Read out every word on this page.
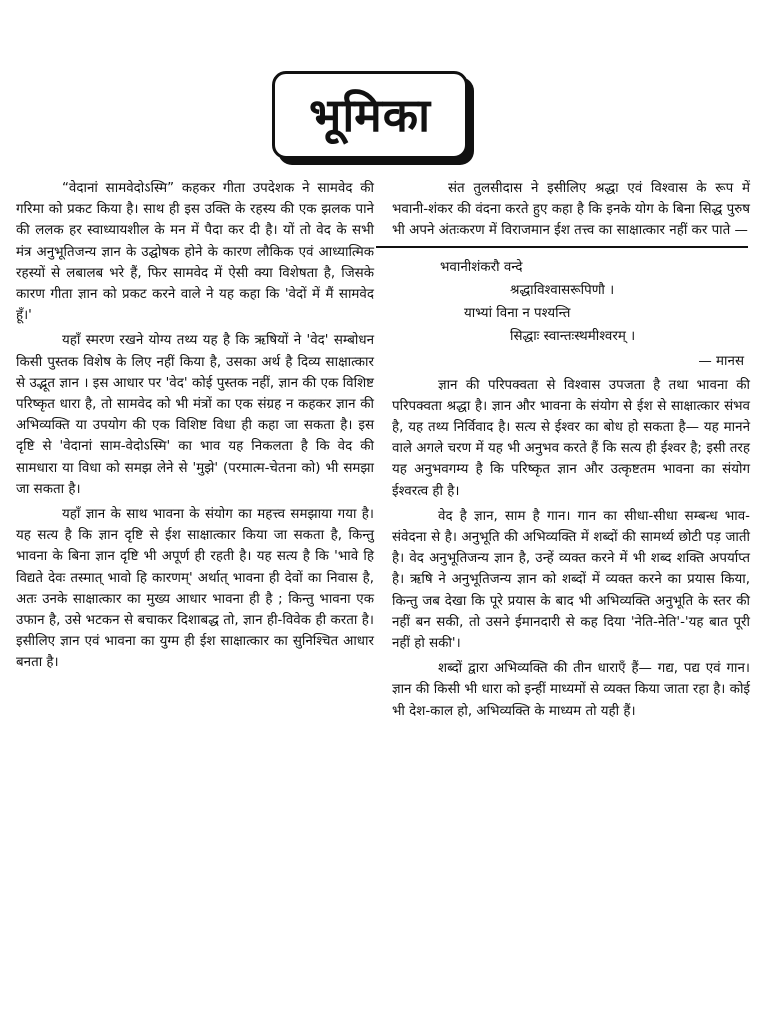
भूमिका

“वेदानां सामवेदोऽस्मि” कहकर गीता उपदेशक ने सामवेद की गरिमा को प्रकट किया है। साथ ही इस उक्ति के रहस्य की एक झलक पाने की ललक हर स्वाध्यायशील के मन में पैदा कर दी है। यों तो वेद के सभी मंत्र अनुभूतिजन्य ज्ञान के उद्घोषक होने के कारण लौकिक एवं आध्यात्मिक रहस्यों से लबालब भरे हैं, फिर सामवेद में ऐसी क्या विशेषता है, जिसके कारण गीता ज्ञान को प्रकट करने वाले ने यह कहा कि 'वेदों में मैं सामवेद हूँ।'

यहाँ स्मरण रखने योग्य तथ्य यह है कि ऋषियों ने 'वेद' सम्बोधन किसी पुस्तक विशेष के लिए नहीं किया है, उसका अर्थ है दिव्य साक्षात्कार से उद्भूत ज्ञान । इस आधार पर 'वेद' कोई पुस्तक नहीं, ज्ञान की एक विशिष्ट परिष्कृत धारा है, तो सामवेद को भी मंत्रों का एक संग्रह न कहकर ज्ञान की अभिव्यक्ति या उपयोग की एक विशिष्ट विधा ही कहा जा सकता है। इस दृष्टि से 'वेदानां साम-वेदोऽस्मि' का भाव यह निकलता है कि वेद की सामधारा या विधा को समझ लेने से 'मुझे' (परमात्म-चेतना को) भी समझा जा सकता है।

यहाँ ज्ञान के साथ भावना के संयोग का महत्त्व समझाया गया है। यह सत्य है कि ज्ञान दृष्टि से ईश साक्षात्कार किया जा सकता है, किन्तु भावना के बिना ज्ञान दृष्टि भी अपूर्ण ही रहती है। यह सत्य है कि 'भावे हि विद्यते देवः तस्मात् भावो हि कारणम्' अर्थात् भावना ही देवों का निवास है, अतः उनके साक्षात्कार का मुख्य आधार भावना ही है ; किन्तु भावना एक उफान है, उसे भटकन से बचाकर दिशाबद्ध तो, ज्ञान ही-विवेक ही करता है। इसीलिए ज्ञान एवं भावना का युग्म ही ईश साक्षात्कार का सुनिश्चित आधार बनता है।

संत तुलसीदास ने इसीलिए श्रद्धा एवं विश्वास के रूप में भवानी-शंकर की वंदना करते हुए कहा है कि इनके योग के बिना सिद्ध पुरुष भी अपने अंतःकरण में विराजमान ईश तत्त्व का साक्षात्कार नहीं कर पाते —

भवानीशंकरौ वन्दे
श्रद्धाविश्वासरूपिणौ ।
याभ्यां विना न पश्यन्ति
सिद्धाः स्वान्तःस्थमीश्वरम् ।
— मानस

ज्ञान की परिपक्वता से विश्वास उपजता है तथा भावना की परिपक्वता श्रद्धा है। ज्ञान और भावना के संयोग से ईश से साक्षात्कार संभव है, यह तथ्य निर्विवाद है। सत्य से ईश्वर का बोध हो सकता है— यह मानने वाले अगले चरण में यह भी अनुभव करते हैं कि सत्य ही ईश्वर है; इसी तरह यह अनुभवगम्य है कि परिष्कृत ज्ञान और उत्कृष्टतम भावना का संयोग ईश्वरत्व ही है।

वेद है ज्ञान, साम है गान। गान का सीधा-सीधा सम्बन्ध भाव-संवेदना से है। अनुभूति की अभिव्यक्ति में शब्दों की सामर्थ्य छोटी पड़ जाती है। वेद अनुभूतिजन्य ज्ञान है, उन्हें व्यक्त करने में भी शब्द शक्ति अपर्याप्त है। ऋषि ने अनुभूतिजन्य ज्ञान को शब्दों में व्यक्त करने का प्रयास किया, किन्तु जब देखा कि पूरे प्रयास के बाद भी अभिव्यक्ति अनुभूति के स्तर की नहीं बन सकी, तो उसने ईमानदारी से कह दिया 'नेति-नेति'-'यह बात पूरी नहीं हो सकी'।

शब्दों द्वारा अभिव्यक्ति की तीन धाराएँ हैं— गद्य, पद्य एवं गान। ज्ञान की किसी भी धारा को इन्हीं माध्यमों से व्यक्त किया जाता रहा है। कोई भी देश-काल हो, अभिव्यक्ति के माध्यम तो यही हैं।
